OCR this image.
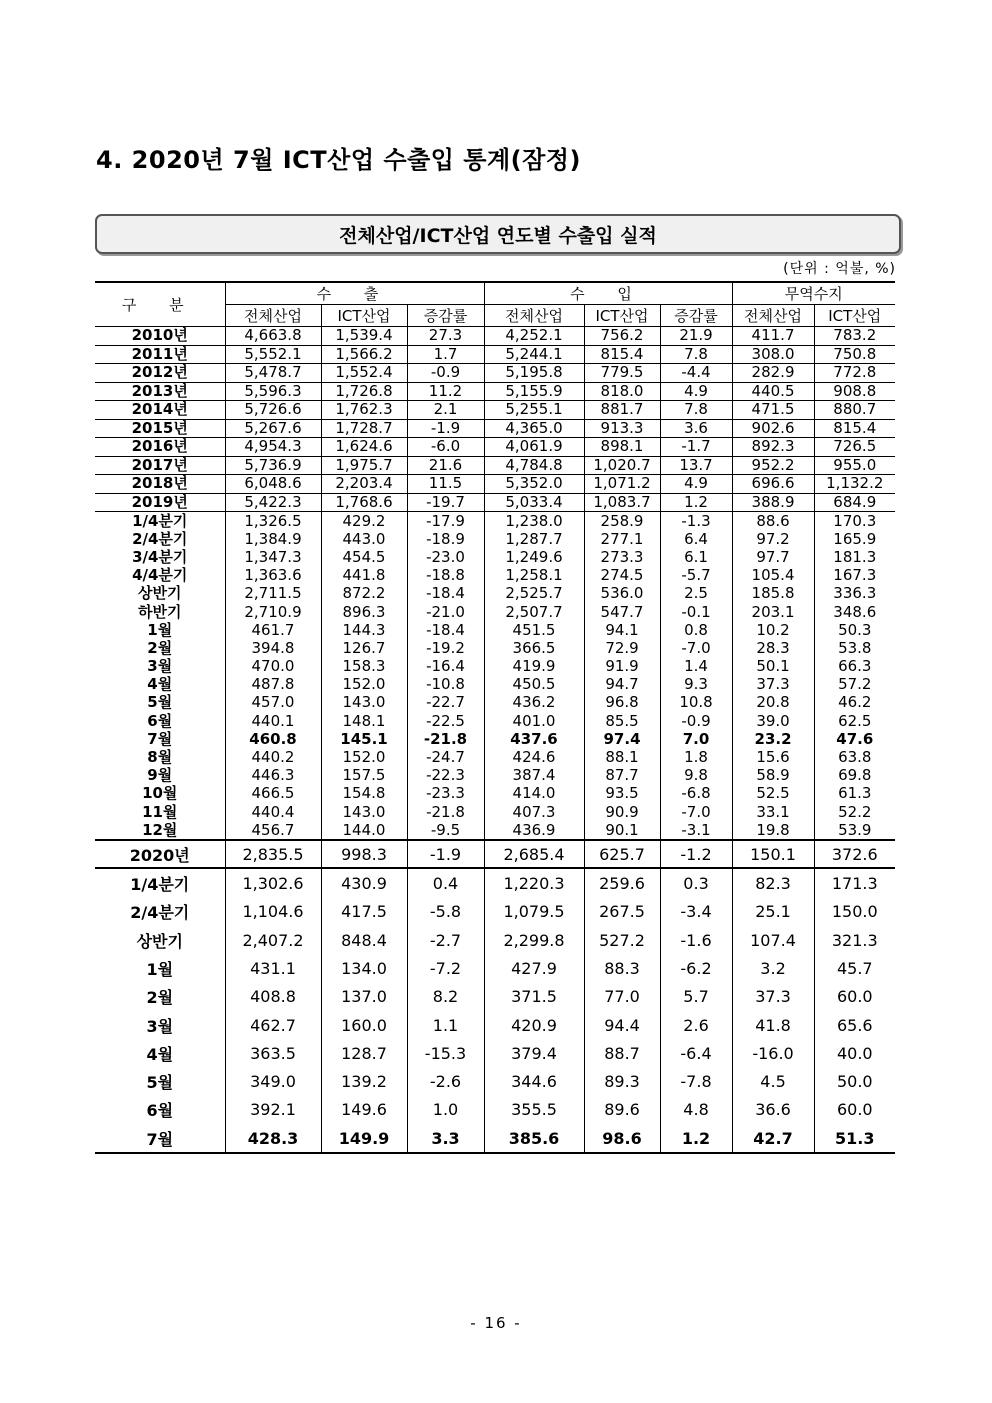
4. 2020년 7월 ICT산업 수출입 통계(잠정)
전체산업/ICT산업 연도별 수출입 실적
(단위 : 억불, %)
구 분	수 출			수 입			무역수지	
	전체산업	ICT산업	증감률	전체산업	ICT산업	증감률	전체산업	ICT산업
2010년	4,663.8	1,539.4	27.3	4,252.1	756.2	21.9	411.7	783.2
2011년	5,552.1	1,566.2	1.7	5,244.1	815.4	7.8	308.0	750.8
2012년	5,478.7	1,552.4	-0.9	5,195.8	779.5	-4.4	282.9	772.8
2013년	5,596.3	1,726.8	11.2	5,155.9	818.0	4.9	440.5	908.8
2014년	5,726.6	1,762.3	2.1	5,255.1	881.7	7.8	471.5	880.7
2015년	5,267.6	1,728.7	-1.9	4,365.0	913.3	3.6	902.6	815.4
2016년	4,954.3	1,624.6	-6.0	4,061.9	898.1	-1.7	892.3	726.5
2017년	5,736.9	1,975.7	21.6	4,784.8	1,020.7	13.7	952.2	955.0
2018년	6,048.6	2,203.4	11.5	5,352.0	1,071.2	4.9	696.6	1,132.2
2019년	5,422.3	1,768.6	-19.7	5,033.4	1,083.7	1.2	388.9	684.9
1/4분기	1,326.5	429.2	-17.9	1,238.0	258.9	-1.3	88.6	170.3
2/4분기	1,384.9	443.0	-18.9	1,287.7	277.1	6.4	97.2	165.9
3/4분기	1,347.3	454.5	-23.0	1,249.6	273.3	6.1	97.7	181.3
4/4분기	1,363.6	441.8	-18.8	1,258.1	274.5	-5.7	105.4	167.3
상반기	2,711.5	872.2	-18.4	2,525.7	536.0	2.5	185.8	336.3
하반기	2,710.9	896.3	-21.0	2,507.7	547.7	-0.1	203.1	348.6
1월	461.7	144.3	-18.4	451.5	94.1	0.8	10.2	50.3
2월	394.8	126.7	-19.2	366.5	72.9	-7.0	28.3	53.8
3월	470.0	158.3	-16.4	419.9	91.9	1.4	50.1	66.3
4월	487.8	152.0	-10.8	450.5	94.7	9.3	37.3	57.2
5월	457.0	143.0	-22.7	436.2	96.8	10.8	20.8	46.2
6월	440.1	148.1	-22.5	401.0	85.5	-0.9	39.0	62.5
7월	460.8	145.1	-21.8	437.6	97.4	7.0	23.2	47.6
8월	440.2	152.0	-24.7	424.6	88.1	1.8	15.6	63.8
9월	446.3	157.5	-22.3	387.4	87.7	9.8	58.9	69.8
10월	466.5	154.8	-23.3	414.0	93.5	-6.8	52.5	61.3
11월	440.4	143.0	-21.8	407.3	90.9	-7.0	33.1	52.2
12월	456.7	144.0	-9.5	436.9	90.1	-3.1	19.8	53.9
2020년	2,835.5	998.3	-1.9	2,685.4	625.7	-1.2	150.1	372.6
1/4분기	1,302.6	430.9	0.4	1,220.3	259.6	0.3	82.3	171.3
2/4분기	1,104.6	417.5	-5.8	1,079.5	267.5	-3.4	25.1	150.0
상반기	2,407.2	848.4	-2.7	2,299.8	527.2	-1.6	107.4	321.3
1월	431.1	134.0	-7.2	427.9	88.3	-6.2	3.2	45.7
2월	408.8	137.0	8.2	371.5	77.0	5.7	37.3	60.0
3월	462.7	160.0	1.1	420.9	94.4	2.6	41.8	65.6
4월	363.5	128.7	-15.3	379.4	88.7	-6.4	-16.0	40.0
5월	349.0	139.2	-2.6	344.6	89.3	-7.8	4.5	50.0
6월	392.1	149.6	1.0	355.5	89.6	4.8	36.6	60.0
7월	428.3	149.9	3.3	385.6	98.6	1.2	42.7	51.3
- 16 -
